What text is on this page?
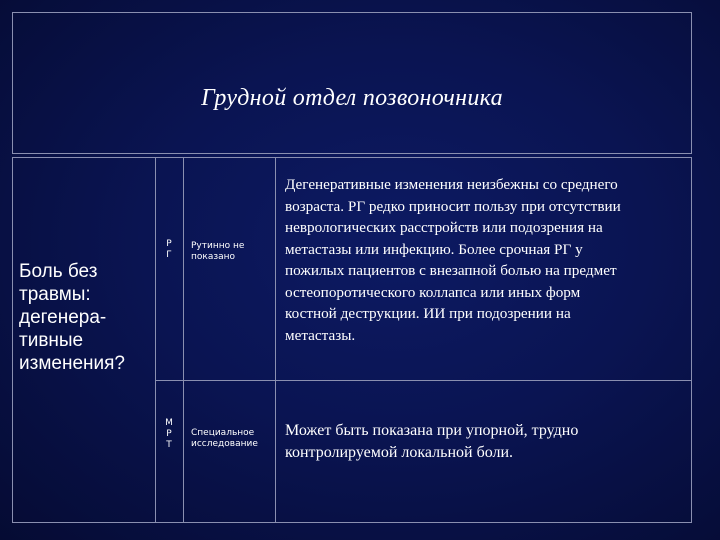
Грудной отдел позвоночника
Боль без
травмы:
дегенера-
тивные
изменения?
Р
Г
Рутинно не
показано
Дегенеративные изменения неизбежны со среднего
возраста. РГ редко приносит пользу при отсутствии
неврологических расстройств или подозрения на
метастазы или инфекцию. Более срочная РГ у
пожилых пациентов с внезапной болью на предмет
остеопоротического коллапса или иных форм
костной деструкции. ИИ при подозрении на
метастазы.
М
Р
Т
Специальное
исследование
Может быть показана при упорной, трудно
контролируемой локальной боли.
